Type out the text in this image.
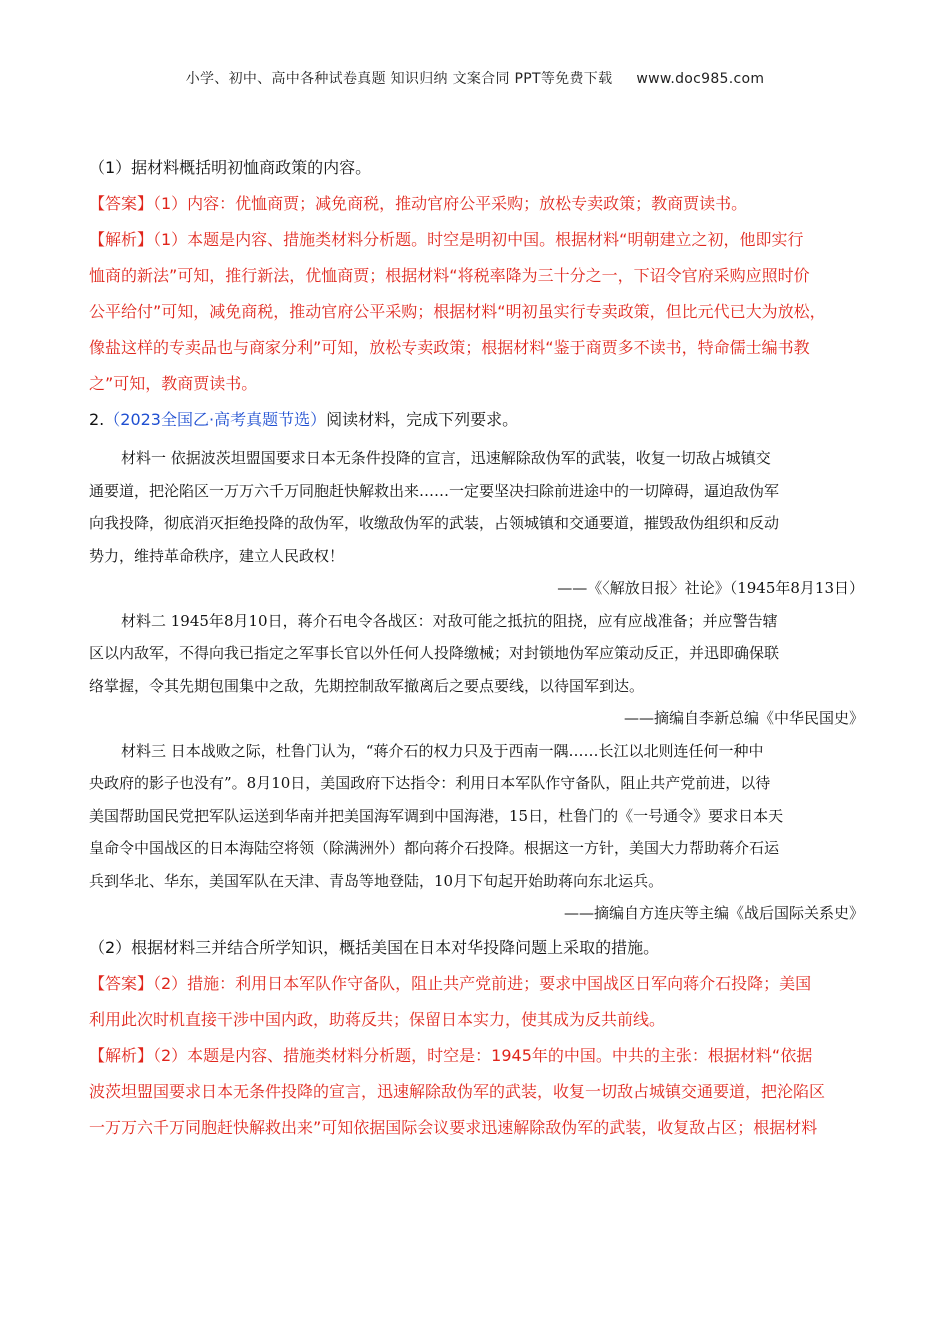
小学、初中、高中各种试卷真题 知识归纳 文案合同 PPT等免费下载 www.doc985.com
（1）据材料概括明初恤商政策的内容。
【答案】（1）内容：优恤商贾；减免商税，推动官府公平采购；放松专卖政策；教商贾读书。
【解析】（1）本题是内容、措施类材料分析题。时空是明初中国。根据材料“明朝建立之初，他即实行
恤商的新法”可知，推行新法，优恤商贾；根据材料“将税率降为三十分之一，下诏令官府采购应照时价
公平给付”可知，减免商税，推动官府公平采购；根据材料“明初虽实行专卖政策，但比元代已大为放松，
像盐这样的专卖品也与商家分利”可知，放松专卖政策；根据材料“鉴于商贾多不读书，特命儒士编书教
之”可知，教商贾读书。
2.（2023全国乙·高考真题节选）阅读材料，完成下列要求。
材料一 依据波茨坦盟国要求日本无条件投降的宣言，迅速解除敌伪军的武装，收复一切敌占城镇交
通要道，把沦陷区一万万六千万同胞赶快解救出来……一定要坚决扫除前进途中的一切障碍，逼迫敌伪军
向我投降，彻底消灭拒绝投降的敌伪军，收缴敌伪军的武装，占领城镇和交通要道，摧毁敌伪组织和反动
势力，维持革命秩序，建立人民政权！
——《〈解放日报〉社论》（1945年8月13日）
材料二 1945年8月10日，蒋介石电令各战区：对敌可能之抵抗的阻挠，应有应战准备；并应警告辖
区以内敌军，不得向我已指定之军事长官以外任何人投降缴械；对封锁地伪军应策动反正，并迅即确保联
络掌握，令其先期包围集中之敌，先期控制敌军撤离后之要点要线，以待国军到达。
——摘编自李新总编《中华民国史》
材料三 日本战败之际，杜鲁门认为，“蒋介石的权力只及于西南一隅……长江以北则连任何一种中
央政府的影子也没有”。8月10日，美国政府下达指令：利用日本军队作守备队，阻止共产党前进，以待
美国帮助国民党把军队运送到华南并把美国海军调到中国海港，15日，杜鲁门的《一号通令》要求日本天
皇命令中国战区的日本海陆空将领（除满洲外）都向蒋介石投降。根据这一方针，美国大力帮助蒋介石运
兵到华北、华东，美国军队在天津、青岛等地登陆，10月下旬起开始助蒋向东北运兵。
——摘编自方连庆等主编《战后国际关系史》
（2）根据材料三并结合所学知识，概括美国在日本对华投降问题上采取的措施。
【答案】（2）措施：利用日本军队作守备队，阻止共产党前进；要求中国战区日军向蒋介石投降；美国
利用此次时机直接干涉中国内政，助蒋反共；保留日本实力，使其成为反共前线。
【解析】（2）本题是内容、措施类材料分析题，时空是：1945年的中国。中共的主张：根据材料“依据
波茨坦盟国要求日本无条件投降的宣言，迅速解除敌伪军的武装，收复一切敌占城镇交通要道，把沦陷区
一万万六千万同胞赶快解救出来”可知依据国际会议要求迅速解除敌伪军的武装，收复敌占区；根据材料
